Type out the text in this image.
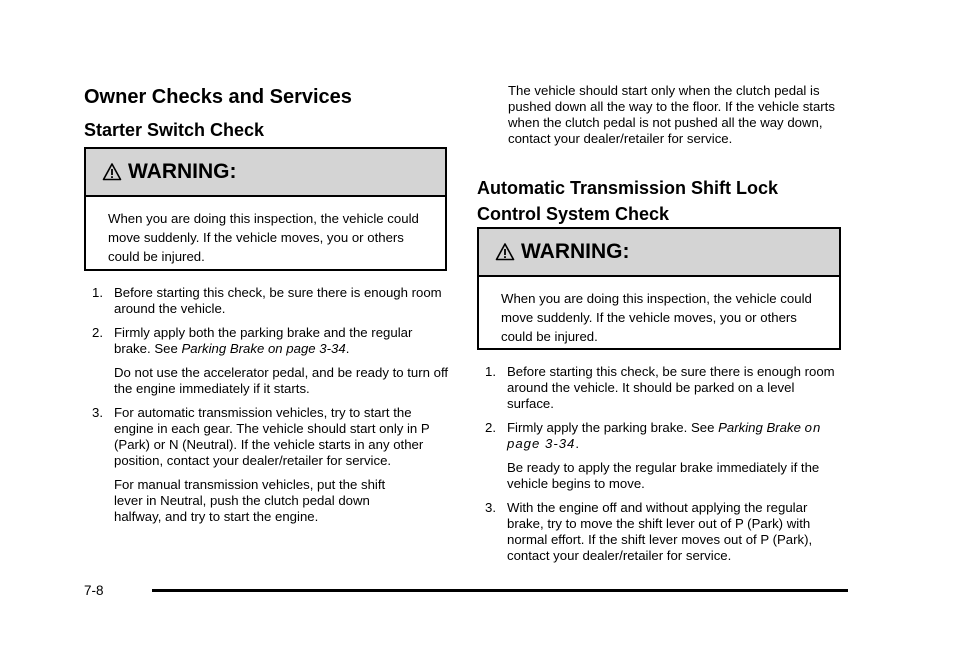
Owner Checks and Services
Starter Switch Check
WARNING:
When you are doing this inspection, the vehicle could move suddenly. If the vehicle moves, you or others could be injured.
1. Before starting this check, be sure there is enough room around the vehicle.
2. Firmly apply both the parking brake and the regular brake. See Parking Brake on page 3-34.
Do not use the accelerator pedal, and be ready to turn off the engine immediately if it starts.
3. For automatic transmission vehicles, try to start the engine in each gear. The vehicle should start only in P (Park) or N (Neutral). If the vehicle starts in any other position, contact your dealer/retailer for service.
For manual transmission vehicles, put the shift lever in Neutral, push the clutch pedal down halfway, and try to start the engine.
The vehicle should start only when the clutch pedal is pushed down all the way to the floor. If the vehicle starts when the clutch pedal is not pushed all the way down, contact your dealer/retailer for service.
Automatic Transmission Shift Lock Control System Check
WARNING:
When you are doing this inspection, the vehicle could move suddenly. If the vehicle moves, you or others could be injured.
1. Before starting this check, be sure there is enough room around the vehicle. It should be parked on a level surface.
2. Firmly apply the parking brake. See Parking Brake on page 3-34.
Be ready to apply the regular brake immediately if the vehicle begins to move.
3. With the engine off and without applying the regular brake, try to move the shift lever out of P (Park) with normal effort. If the shift lever moves out of P (Park), contact your dealer/retailer for service.
7-8
